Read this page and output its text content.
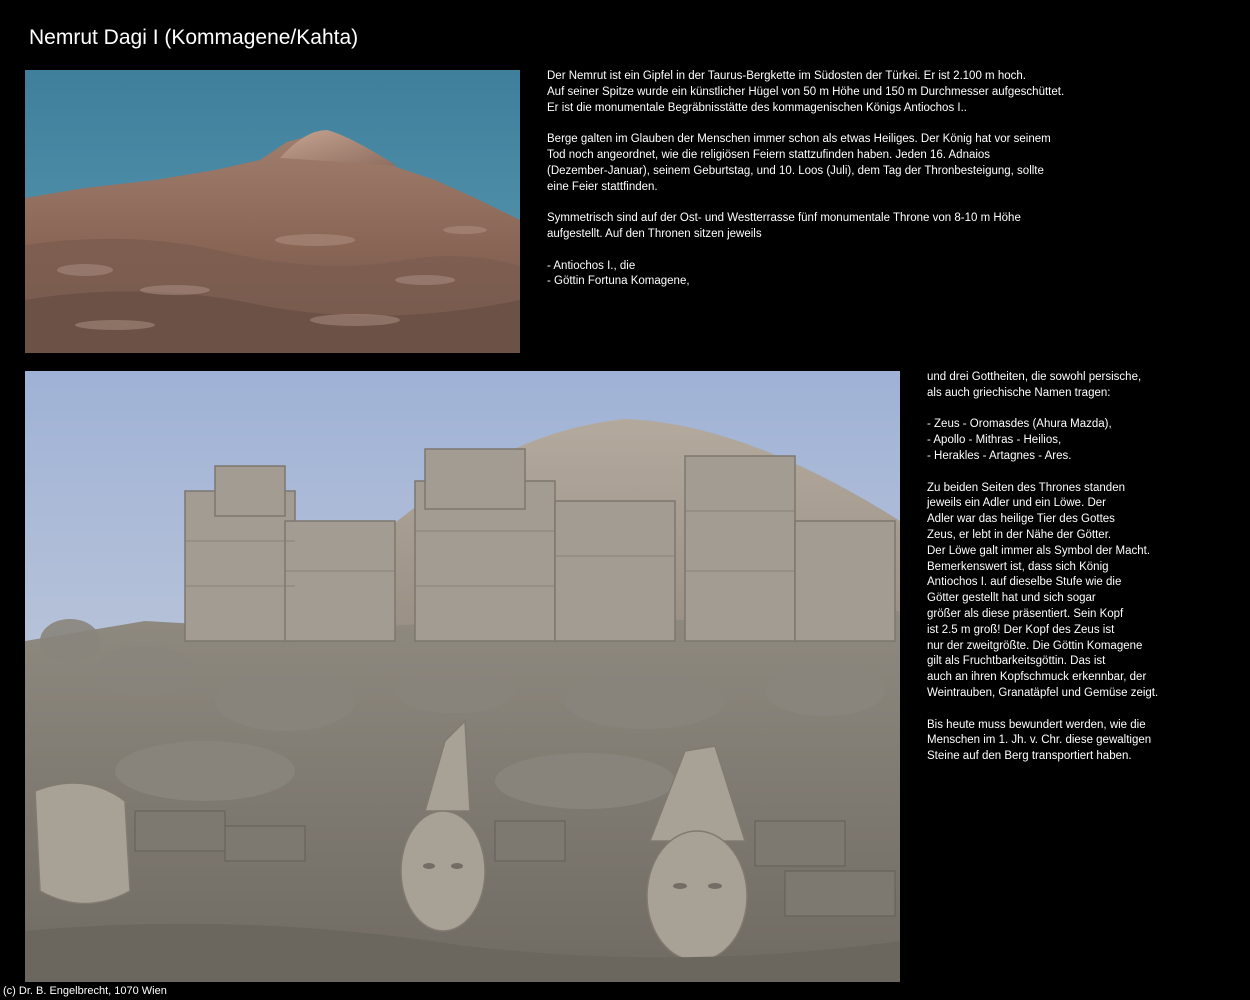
Nemrut Dagi I (Kommagene/Kahta)
Der Nemrut ist ein Gipfel in der Taurus-Bergkette im Südosten der Türkei. Er ist 2.100 m hoch.
Auf seiner Spitze wurde ein künstlicher Hügel von 50 m Höhe und 150 m Durchmesser aufgeschüttet.
Er ist die monumentale Begräbnisstätte des kommagenischen Königs Antiochos I..

Berge galten im Glauben der Menschen immer schon als etwas Heiliges. Der König hat vor seinem
Tod noch angeordnet, wie die religiösen Feiern stattzufinden haben. Jeden 16. Adnaios
(Dezember-Januar), seinem Geburtstag, und 10. Loos (Juli), dem Tag der Thronbesteigung, sollte
eine Feier stattfinden.

Symmetrisch sind auf der Ost- und Westterrasse fünf monumentale Throne von 8-10 m Höhe
aufgestellt. Auf den Thronen sitzen jeweils

- Antiochos I., die
- Göttin Fortuna Komagene,
und drei Gottheiten, die sowohl persische,
als auch griechische Namen tragen:

- Zeus - Oromasdes (Ahura Mazda),
- Apollo - Mithras - Heilios,
- Herakles - Artagnes - Ares.

Zu beiden Seiten des Thrones standen
jeweils ein Adler und ein Löwe. Der
Adler war das heilige Tier des Gottes
Zeus, er lebt in der Nähe der Götter.
Der Löwe galt immer als Symbol der Macht.
Bemerkenswert ist, dass sich König
Antiochos I. auf dieselbe Stufe wie die
Götter gestellt hat und sich sogar
größer als diese präsentiert. Sein Kopf
ist 2.5 m groß! Der Kopf des Zeus ist
nur der zweitgrößte. Die Göttin Komagene
gilt als Fruchtbarkeitsgöttin. Das ist
auch an ihren Kopfschmuck erkennbar, der
Weintrauben, Granatäpfel und Gemüse zeigt.

Bis heute muss bewundert werden, wie die
Menschen im 1. Jh. v. Chr. diese gewaltigen
Steine auf den Berg transportiert haben.
(c) Dr. B. Engelbrecht, 1070 Wien
